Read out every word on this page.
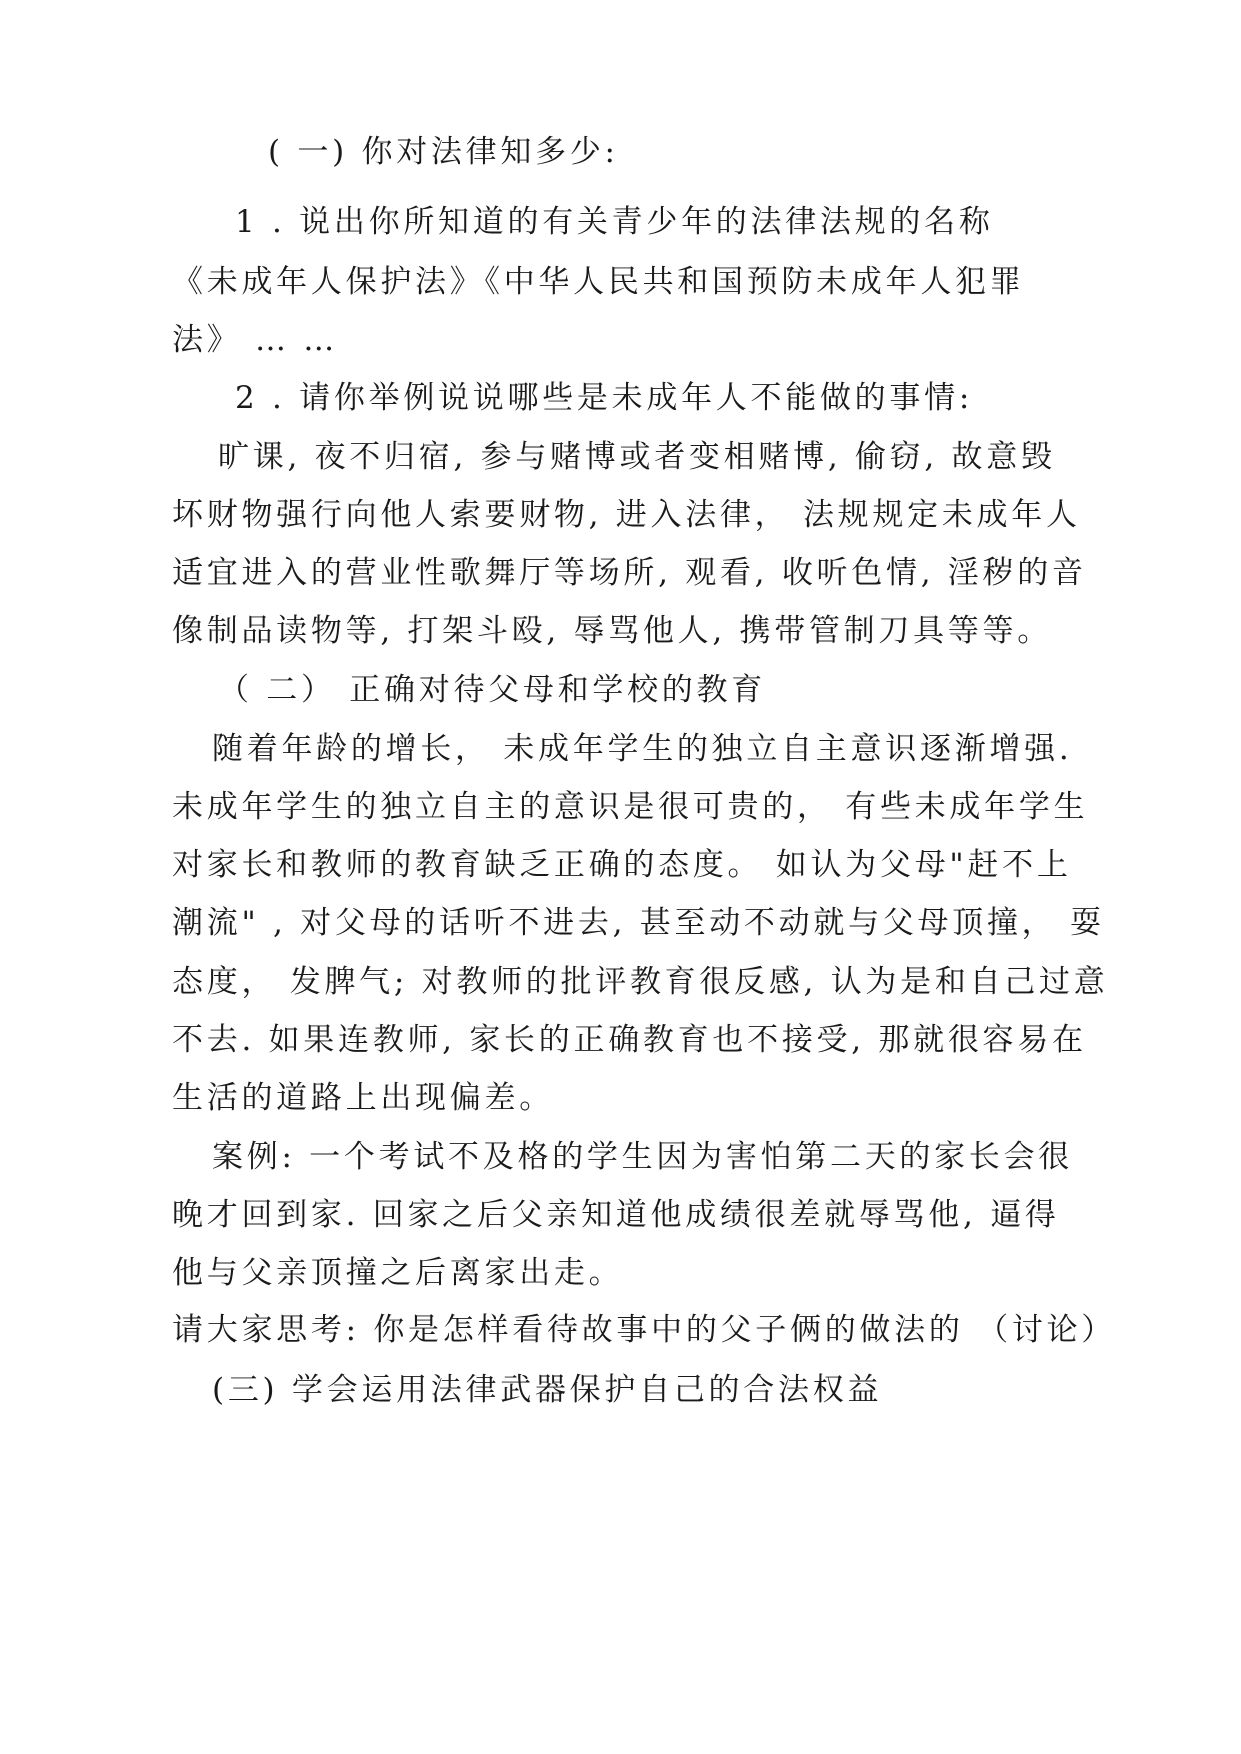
( 一) 你对法律知多少:
1 . 说出你所知道的有关青少年的法律法规的名称
《未成年人保护法》《中华人民共和国预防未成年人犯罪
法》 … …
2 . 请你举例说说哪些是未成年人不能做的事情:
旷课, 夜不归宿, 参与赌博或者变相赌博, 偷窃, 故意毁
坏财物强行向他人索要财物, 进入法律， 法规规定未成年人
适宜进入的营业性歌舞厅等场所, 观看, 收听色情, 淫秽的音
像制品读物等, 打架斗殴, 辱骂他人, 携带管制刀具等等。
（ 二） 正确对待父母和学校的教育
随着年龄的增长， 未成年学生的独立自主意识逐渐增强.
未成年学生的独立自主的意识是很可贵的， 有些未成年学生
对家长和教师的教育缺乏正确的态度。 如认为父母"赶不上
潮流" , 对父母的话听不进去, 甚至动不动就与父母顶撞， 耍
态度， 发脾气; 对教师的批评教育很反感, 认为是和自己过意
不去. 如果连教师, 家长的正确教育也不接受, 那就很容易在
生活的道路上出现偏差。
案例: 一个考试不及格的学生因为害怕第二天的家长会很
晚才回到家. 回家之后父亲知道他成绩很差就辱骂他, 逼得
他与父亲顶撞之后离家出走。
请大家思考: 你是怎样看待故事中的父子俩的做法的 （讨论）
(三) 学会运用法律武器保护自己的合法权益
